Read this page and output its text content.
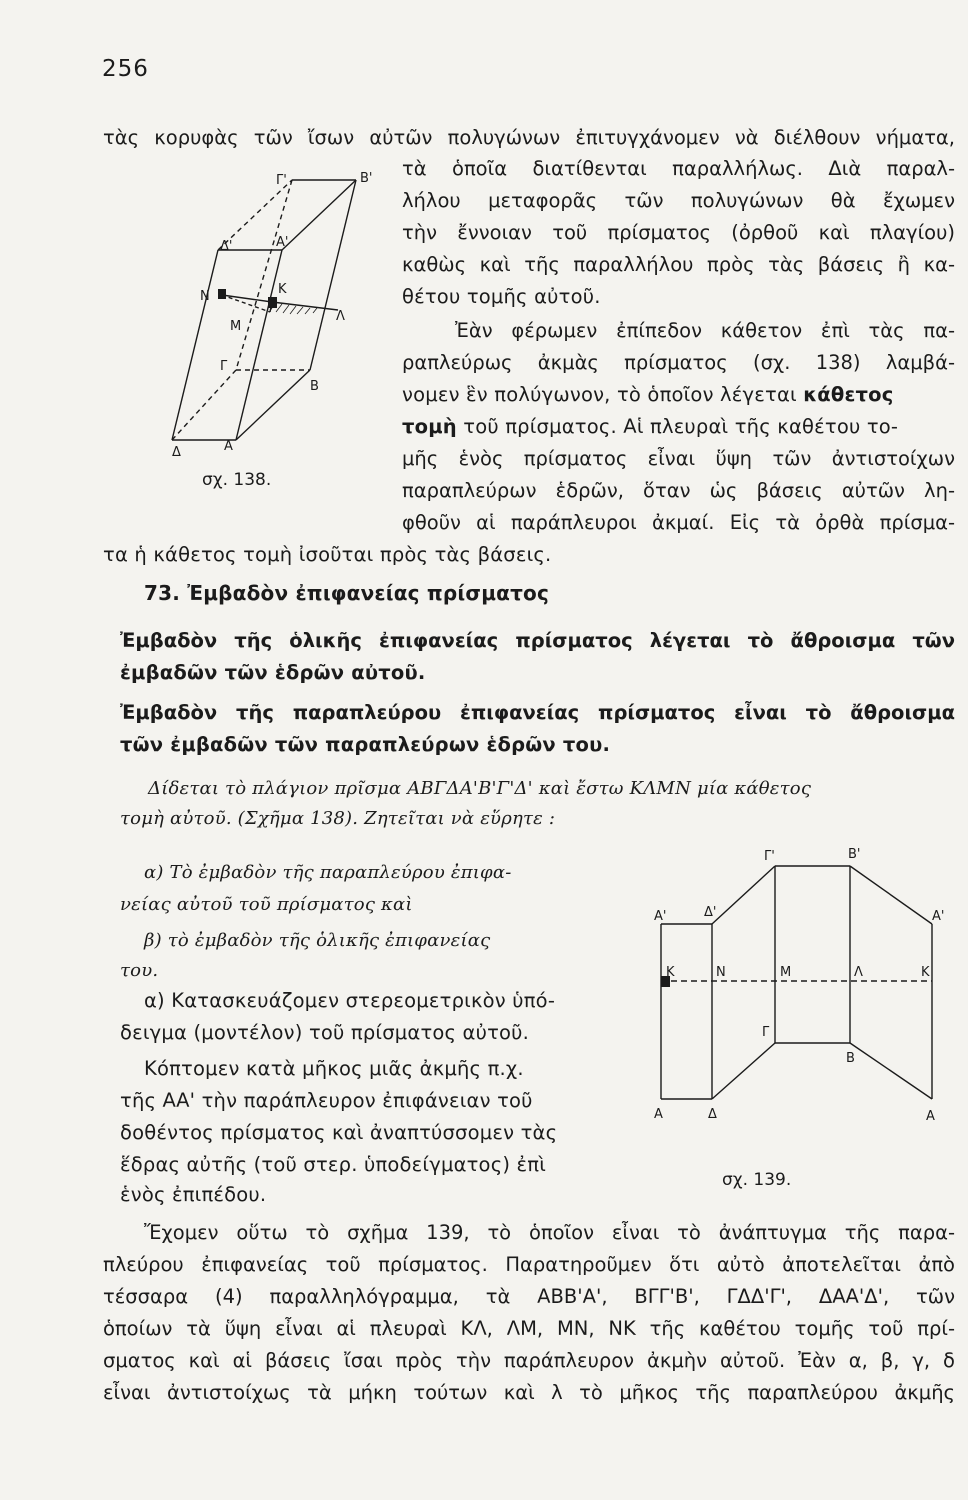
256
τὰς κορυφὰς τῶν ἴσων αὐτῶν πολυγώνων ἐπιτυγχάνομεν νὰ διέλθουν νήματα,
Γ'	Β'
Δ'	Α'
Ν	Κ
Μ
Λ
Γ
Β
Δ	Α
σχ. 138.
τὰ ὁποῖα διατίθενται παραλλήλως. Διὰ παραλ-
λήλου μεταφορᾶς τῶν πολυγώνων θὰ ἔχωμεν
τὴν ἔννοιαν τοῦ πρίσματος (ὀρθοῦ καὶ πλαγίου)
καθὼς καὶ τῆς παραλλήλου πρὸς τὰς βάσεις ἢ κα-
θέτου τομῆς αὐτοῦ.
Ἐὰν φέρωμεν ἐπίπεδον κάθετον ἐπὶ τὰς πα-
ραπλεύρως ἀκμὰς πρίσματος (σχ. 138) λαμβά-
νομεν ἓν πολύγωνον, τὸ ὁποῖον λέγεται κάθετος
τομὴ τοῦ πρίσματος. Αἱ πλευραὶ τῆς καθέτου το-
μῆς ἑνὸς πρίσματος εἶναι ὕψη τῶν ἀντιστοίχων
παραπλεύρων ἑδρῶν, ὅταν ὡς βάσεις αὐτῶν λη-
φθοῦν αἱ παράπλευροι ἀκμαί. Εἰς τὰ ὀρθὰ πρίσμα-
τα ἡ κάθετος τομὴ ἰσοῦται πρὸς τὰς βάσεις.
73. Ἐμβαδὸν ἐπιφανείας πρίσματος
Ἐμβαδὸν τῆς ὁλικῆς ἐπιφανείας πρίσματος λέγεται τὸ ἄθροισμα τῶν
ἐμβαδῶν τῶν ἑδρῶν αὐτοῦ.
Ἐμβαδὸν τῆς παραπλεύρου ἐπιφανείας πρίσματος εἶναι τὸ ἄθροισμα
τῶν ἐμβαδῶν τῶν παραπλεύρων ἑδρῶν του.
Δίδεται τὸ πλάγιον πρῖσμα ΑΒΓΔΑ'Β'Γ'Δ' καὶ ἔστω ΚΛΜΝ μία κάθετος
τομὴ αὐτοῦ. (Σχῆμα 138). Ζητεῖται νὰ εὕρητε :
α) Τὸ ἐμβαδὸν τῆς παραπλεύρου ἐπιφα-
νείας αὐτοῦ τοῦ πρίσματος καὶ
β) τὸ ἐμβαδὸν τῆς ὁλικῆς ἐπιφανείας
του.
α) Κατασκευάζομεν στερεομετρικὸν ὑπό-
δειγμα (μοντέλον) τοῦ πρίσματος αὐτοῦ.
Κόπτομεν κατὰ μῆκος μιᾶς ἀκμῆς π.χ.
τῆς ΑΑ' τὴν παράπλευρον ἐπιφάνειαν τοῦ
δοθέντος πρίσματος καὶ ἀναπτύσσομεν τὰς
ἕδρας αὐτῆς (τοῦ στερ. ὑποδείγματος) ἐπὶ
ἑνὸς ἐπιπέδου.
Γ'	Β'
Α'	Δ'	Α'
Κ	Ν	Μ	Λ	Κ
Γ
Β
Α	Δ	Α
σχ. 139.
Ἔχομεν οὕτω τὸ σχῆμα 139, τὸ ὁποῖον εἶναι τὸ ἀνάπτυγμα τῆς παρα-
πλεύρου ἐπιφανείας τοῦ πρίσματος. Παρατηροῦμεν ὅτι αὐτὸ ἀποτελεῖται ἀπὸ
τέσσαρα (4) παραλληλόγραμμα, τὰ ΑΒΒ'Α', ΒΓΓ'Β', ΓΔΔ'Γ', ΔΑΑ'Δ', τῶν
ὁποίων τὰ ὕψη εἶναι αἱ πλευραὶ ΚΛ, ΛΜ, ΜΝ, ΝΚ τῆς καθέτου τομῆς τοῦ πρί-
σματος καὶ αἱ βάσεις ἴσαι πρὸς τὴν παράπλευρον ἀκμὴν αὐτοῦ. Ἐὰν α, β, γ, δ
εἶναι ἀντιστοίχως τὰ μήκη τούτων καὶ λ τὸ μῆκος τῆς παραπλεύρου ἀκμῆς
